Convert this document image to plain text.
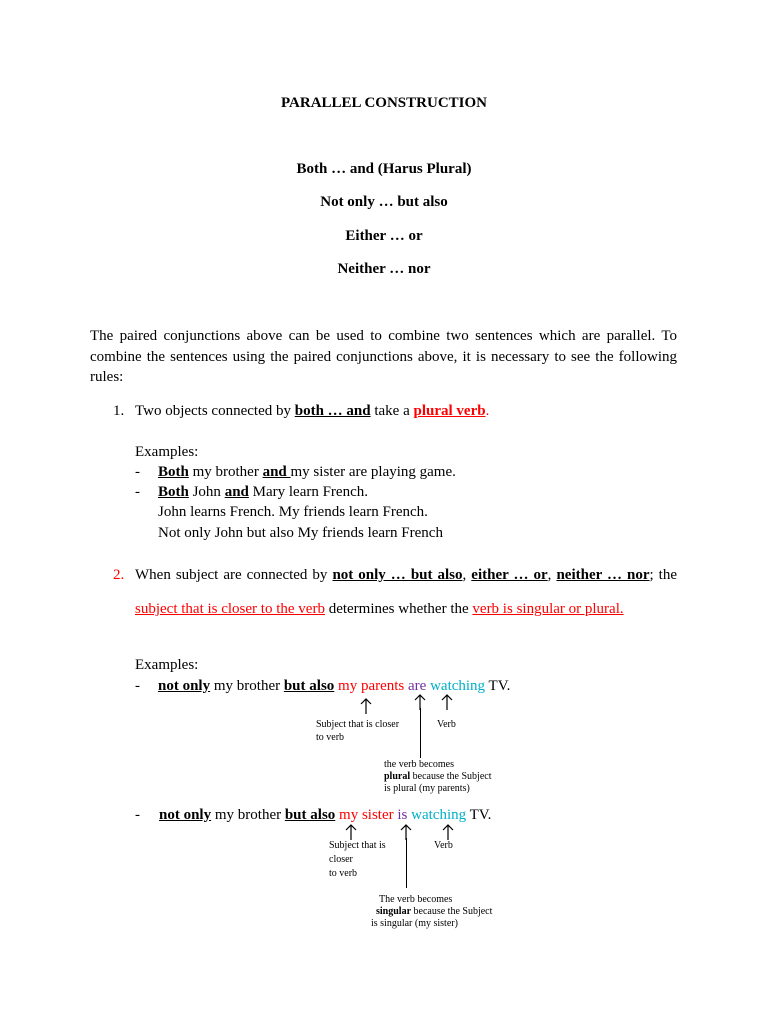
PARALLEL CONSTRUCTION
Both … and (Harus Plural)
Not only … but also
Either … or
Neither … nor
The paired conjunctions above can be used to combine two sentences which are parallel. To combine the sentences using the paired conjunctions above, it is necessary to see the following rules:
1. Two objects connected by both … and take a plural verb.
Examples:
- Both my brother and my sister are playing game.
- Both John and Mary learn French.
John learns French. My friends learn French.
Not only John but also My friends learn French
2. When subject are connected by not only … but also, either … or, neither … nor; the
subject that is closer to the verb determines whether the verb is singular or plural.
Examples:
- not only my brother but also my parents are watching TV.
Subject that is closer
to verb
Verb
the verb becomes
plural because the Subject
is plural (my parents)
- not only my brother but also my sister is watching TV.
Subject that is
closer
to verb
Verb
The verb becomes
singular because the Subject
is singular (my sister)
